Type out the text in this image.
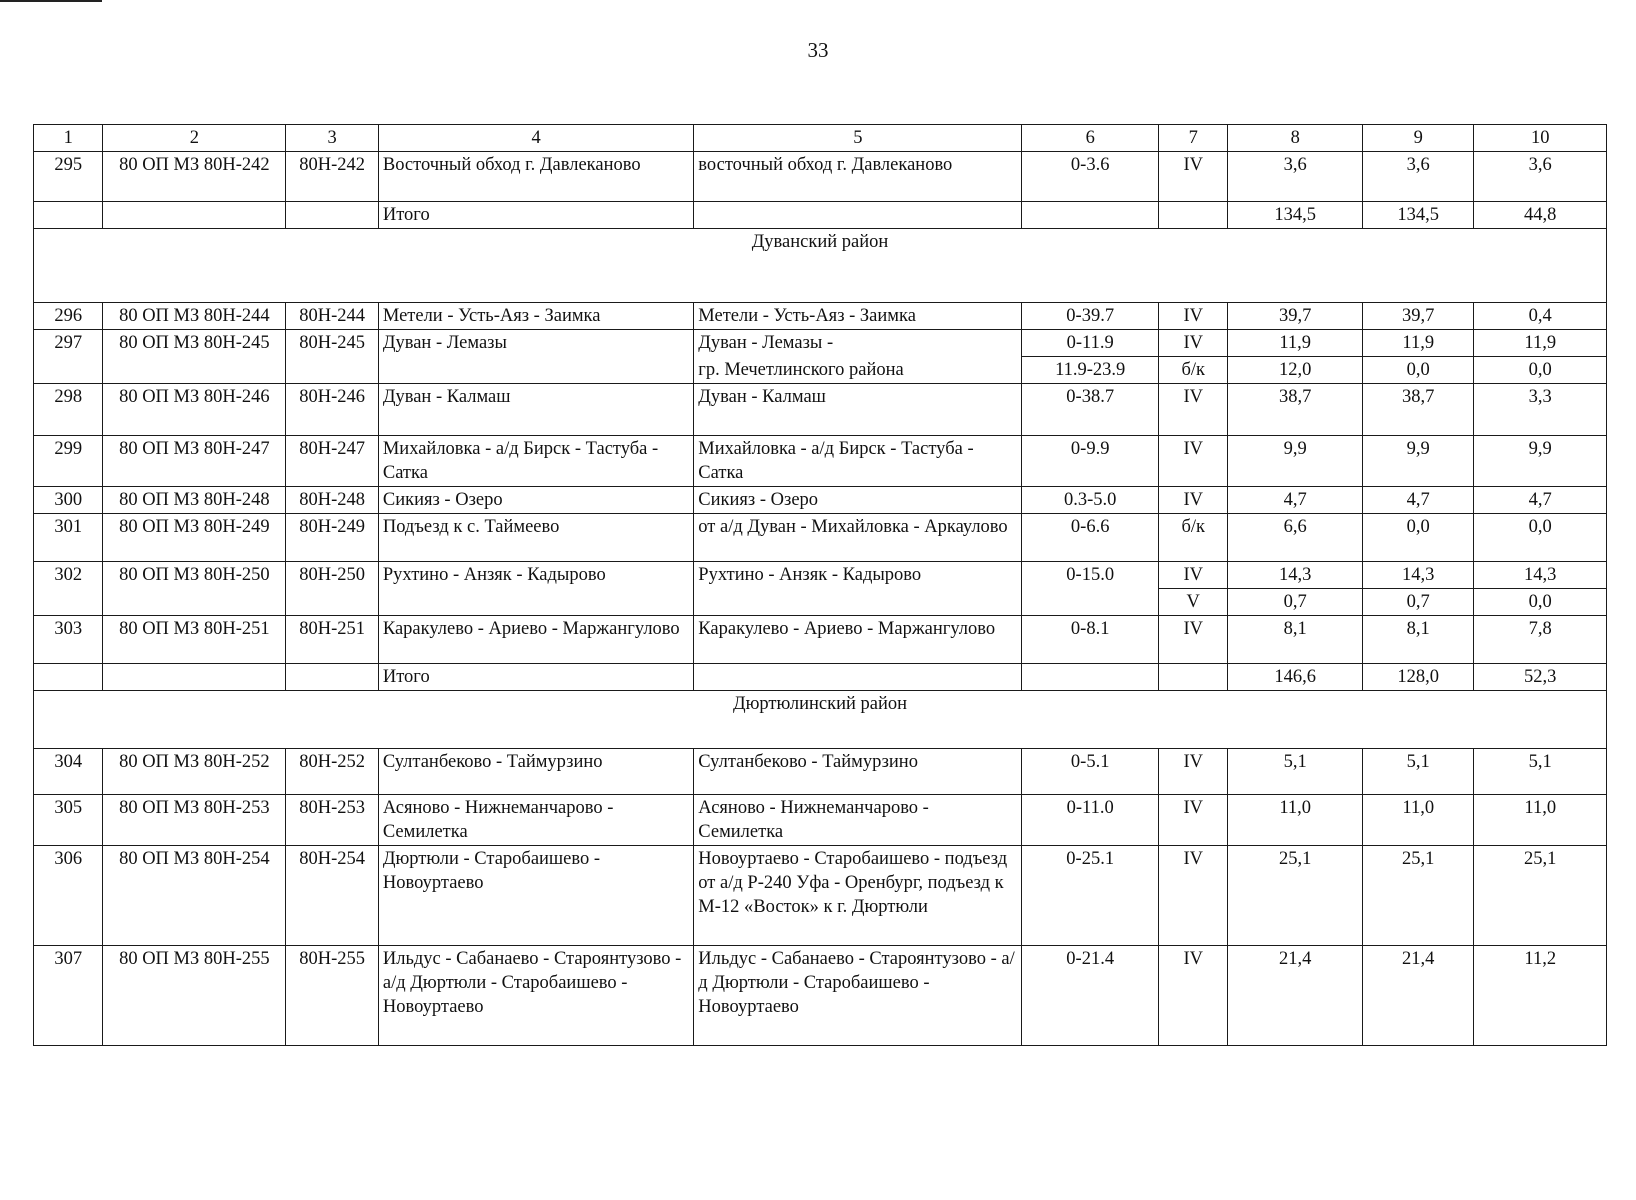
33
1	2	3	4	5	6	7	8	9	10
295	80 ОП МЗ 80Н-242	80Н-242	Восточный обход г. Давлеканово	восточный обход г. Давлеканово	0-3.6	IV	3,6	3,6	3,6
			Итого				134,5	134,5	44,8
Дуванский район									
296	80 ОП МЗ 80Н-244	80Н-244	Метели - Усть-Аяз - Заимка	Метели - Усть-Аяз - Заимка	0-39.7	IV	39,7	39,7	0,4
297	80 ОП МЗ 80Н-245	80Н-245	Дуван - Лемазы	Дуван - Лемазы -	0-11.9	IV	11,9	11,9	11,9
				гр. Мечетлинского района	11.9-23.9	б/к	12,0	0,0	0,0
298	80 ОП МЗ 80Н-246	80Н-246	Дуван - Калмаш	Дуван - Калмаш	0-38.7	IV	38,7	38,7	3,3
299	80 ОП МЗ 80Н-247	80Н-247	Михайловка - а/д Бирск - Тастуба - Сатка	Михайловка - а/д Бирск - Тастуба - Сатка	0-9.9	IV	9,9	9,9	9,9
300	80 ОП МЗ 80Н-248	80Н-248	Сикияз - Озеро	Сикияз - Озеро	0.3-5.0	IV	4,7	4,7	4,7
301	80 ОП МЗ 80Н-249	80Н-249	Подъезд к с. Таймеево	от а/д Дуван - Михайловка - Аркаулово	0-6.6	б/к	6,6	0,0	0,0
302	80 ОП МЗ 80Н-250	80Н-250	Рухтино - Анзяк - Кадырово	Рухтино - Анзяк - Кадырово	0-15.0	IV	14,3	14,3	14,3
						V	0,7	0,7	0,0
303	80 ОП МЗ 80Н-251	80Н-251	Каракулево - Ариево - Маржангулово	Каракулево - Ариево - Маржангулово	0-8.1	IV	8,1	8,1	7,8
			Итого				146,6	128,0	52,3
Дюртюлинский район									
304	80 ОП МЗ 80Н-252	80Н-252	Султанбеково - Таймурзино	Султанбеково - Таймурзино	0-5.1	IV	5,1	5,1	5,1
305	80 ОП МЗ 80Н-253	80Н-253	Асяново - Нижнеманчарово - Семилетка	Асяново - Нижнеманчарово - Семилетка	0-11.0	IV	11,0	11,0	11,0
306	80 ОП МЗ 80Н-254	80Н-254	Дюртюли - Старобаишево - Новоуртаево	Новоуртаево - Старобаишево - подъезд от а/д Р-240 Уфа - Оренбург, подъезд к М-12 «Восток» к г. Дюртюли	0-25.1	IV	25,1	25,1	25,1
307	80 ОП МЗ 80Н-255	80Н-255	Ильдус - Сабанаево - Староянтузово - а/д Дюртюли - Старобаишево - Новоуртаево	Ильдус - Сабанаево - Староянтузово - а/д Дюртюли - Старобаишево - Новоуртаево	0-21.4	IV	21,4	21,4	11,2
